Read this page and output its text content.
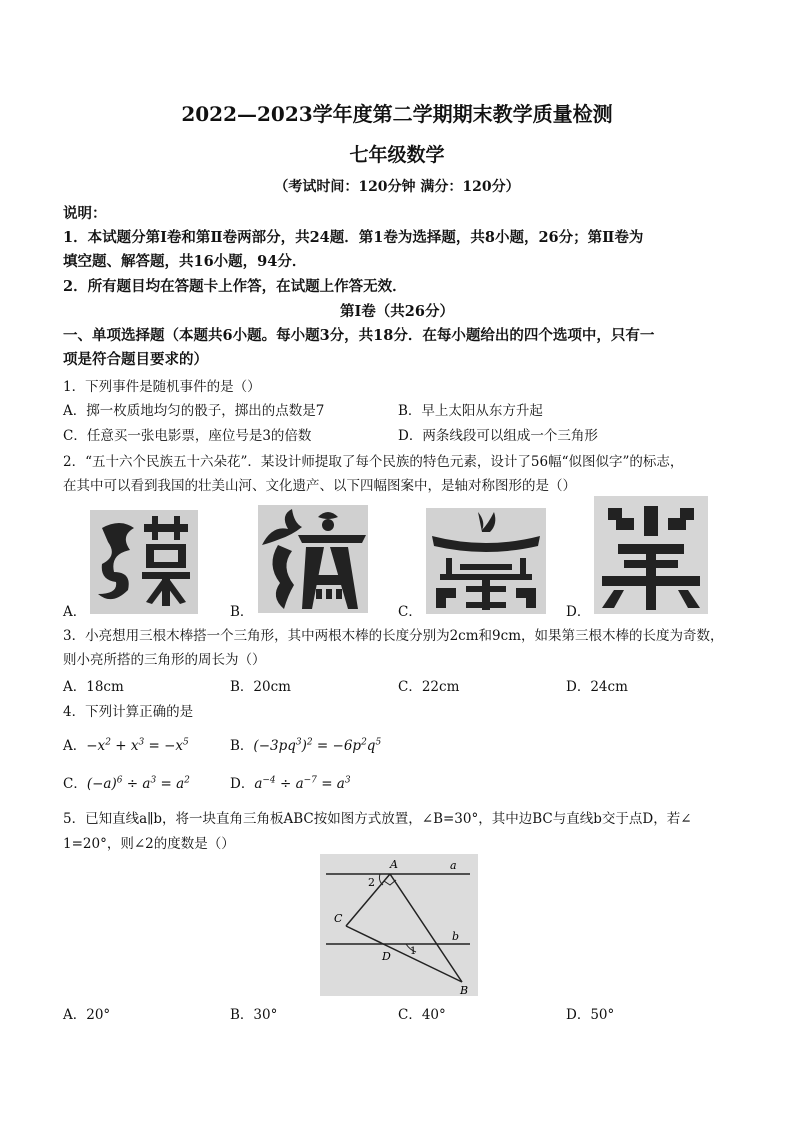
2022—2023学年度第二学期期末教学质量检测
七年级数学
（考试时间：120分钟 满分：120分）
说明：
1．本试题分第Ⅰ卷和第Ⅱ卷两部分，共24题．第1卷为选择题，共8小题，26分；第Ⅱ卷为
填空题、解答题，共16小题，94分．
2．所有题目均在答题卡上作答，在试题上作答无效．
第Ⅰ卷（共26分）
一、单项选择题（本题共6小题。每小题3分，共18分．在每小题给出的四个选项中，只有一
项是符合题目要求的）
1．下列事件是随机事件的是（）
A．掷一枚质地均匀的骰子，掷出的点数是7	B．早上太阳从东方升起
C．任意买一张电影票，座位号是3的倍数	D．两条线段可以组成一个三角形
2．“五十六个民族五十六朵花”．某设计师提取了每个民族的特色元素，设计了56幅“似图似字”的标志，
在其中可以看到我国的壮美山河、文化遗产、以下四幅图案中，是轴对称图形的是（）
A．	B．	C．	D．
3．小亮想用三根木棒搭一个三角形，其中两根木棒的长度分别为2cm和9cm，如果第三根木棒的长度为奇数，
则小亮所搭的三角形的周长为（）
A．18cm	B．20cm	C．22cm	D．24cm
4．下列计算正确的是
A．$-x^2 + x^3 = -x^5$	B．$(-3pq^3)^2 = -6p^2q^5$
C．$(-a)^6 \div a^3 = a^2$	D．$a^{-4} \div a^{-7} = a^3$
5．已知直线a∥b，将一块直角三角板ABC按如图方式放置，∠B=30°，其中边BC与直线b交于点D，若∠
1=20°，则∠2的度数是（）
A	a
2
C
b
D 1
B
A．20°	B．30°	C．40°	D．50°
